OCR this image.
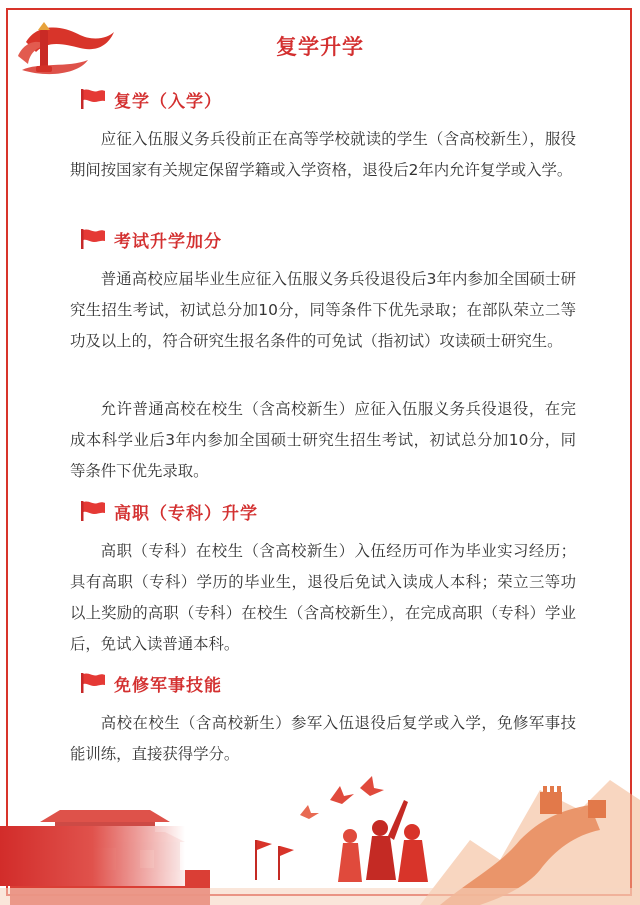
复学升学
复学（入学）

应征入伍服义务兵役前正在高等学校就读的学生（含高校新生），服役期间按国家有关规定保留学籍或入学资格，退役后2年内允许复学或入学。

考试升学加分

普通高校应届毕业生应征入伍服义务兵役退役后3年内参加全国硕士研究生招生考试，初试总分加10分，同等条件下优先录取；在部队荣立二等功及以上的，符合研究生报名条件的可免试（指初试）攻读硕士研究生。

允许普通高校在校生（含高校新生）应征入伍服义务兵役退役，在完成本科学业后3年内参加全国硕士研究生招生考试，初试总分加10分，同等条件下优先录取。

高职（专科）升学

高职（专科）在校生（含高校新生）入伍经历可作为毕业实习经历；具有高职（专科）学历的毕业生，退役后免试入读成人本科；荣立三等功以上奖励的高职（专科）在校生（含高校新生），在完成高职（专科）学业后，免试入读普通本科。

免修军事技能

高校在校生（含高校新生）参军入伍退役后复学或入学，免修军事技能训练，直接获得学分。
